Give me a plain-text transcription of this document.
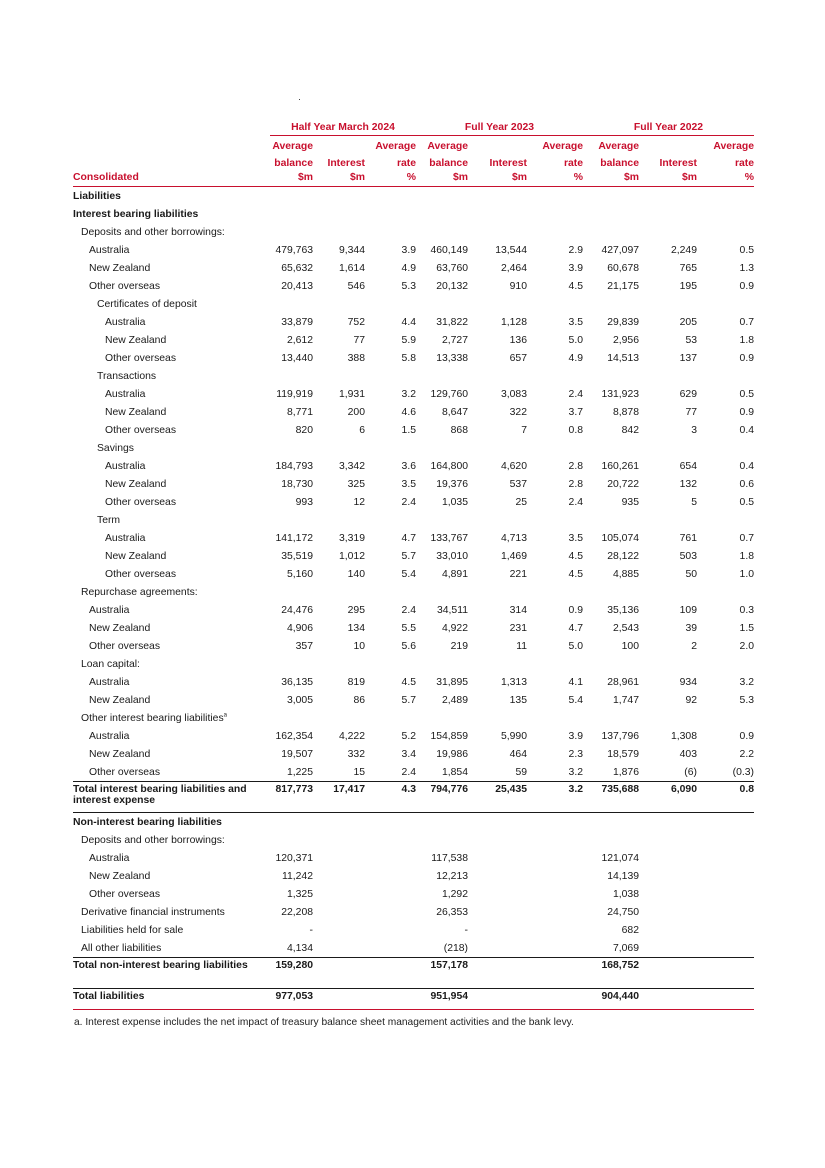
	Half Year March 2024			Full Year 2023			Full Year 2022		
	Average		Average	Average		Average	Average		Average
	balance	Interest	rate	balance	Interest	rate	balance	Interest	rate
Consolidated	$m	$m	%	$m	$m	%	$m	$m	%
Liabilities									
Interest bearing liabilities									
Deposits and other borrowings:									
Australia	479,763	9,344	3.9	460,149	13,544	2.9	427,097	2,249	0.5
New Zealand	65,632	1,614	4.9	63,760	2,464	3.9	60,678	765	1.3
Other overseas	20,413	546	5.3	20,132	910	4.5	21,175	195	0.9
Certificates of deposit									
Australia	33,879	752	4.4	31,822	1,128	3.5	29,839	205	0.7
New Zealand	2,612	77	5.9	2,727	136	5.0	2,956	53	1.8
Other overseas	13,440	388	5.8	13,338	657	4.9	14,513	137	0.9
Transactions									
Australia	119,919	1,931	3.2	129,760	3,083	2.4	131,923	629	0.5
New Zealand	8,771	200	4.6	8,647	322	3.7	8,878	77	0.9
Other overseas	820	6	1.5	868	7	0.8	842	3	0.4
Savings									
Australia	184,793	3,342	3.6	164,800	4,620	2.8	160,261	654	0.4
New Zealand	18,730	325	3.5	19,376	537	2.8	20,722	132	0.6
Other overseas	993	12	2.4	1,035	25	2.4	935	5	0.5
Term									
Australia	141,172	3,319	4.7	133,767	4,713	3.5	105,074	761	0.7
New Zealand	35,519	1,012	5.7	33,010	1,469	4.5	28,122	503	1.8
Other overseas	5,160	140	5.4	4,891	221	4.5	4,885	50	1.0
Repurchase agreements:									
Australia	24,476	295	2.4	34,511	314	0.9	35,136	109	0.3
New Zealand	4,906	134	5.5	4,922	231	4.7	2,543	39	1.5
Other overseas	357	10	5.6	219	11	5.0	100	2	2.0
Loan capital:									
Australia	36,135	819	4.5	31,895	1,313	4.1	28,961	934	3.2
New Zealand	3,005	86	5.7	2,489	135	5.4	1,747	92	5.3
Other interest bearing liabilities$^a$									
Australia	162,354	4,222	5.2	154,859	5,990	3.9	137,796	1,308	0.9
New Zealand	19,507	332	3.4	19,986	464	2.3	18,579	403	2.2
Other overseas	1,225	15	2.4	1,854	59	3.2	1,876	(6)	(0.3)
Total interest bearing liabilities and interest expense	817,773	17,417	4.3	794,776	25,435	3.2	735,688	6,090	0.8
Non-interest bearing liabilities									
Deposits and other borrowings:									
Australia	120,371			117,538			121,074		
New Zealand	11,242			12,213			14,139		
Other overseas	1,325			1,292			1,038		
Derivative financial instruments	22,208			26,353			24,750		
Liabilities held for sale	-			-			682		
All other liabilities	4,134			(218)			7,069		
Total non-interest bearing liabilities	159,280			157,178			168,752		
Total liabilities	977,053			951,954			904,440		
a. Interest expense includes the net impact of treasury balance sheet management activities and the bank levy.
